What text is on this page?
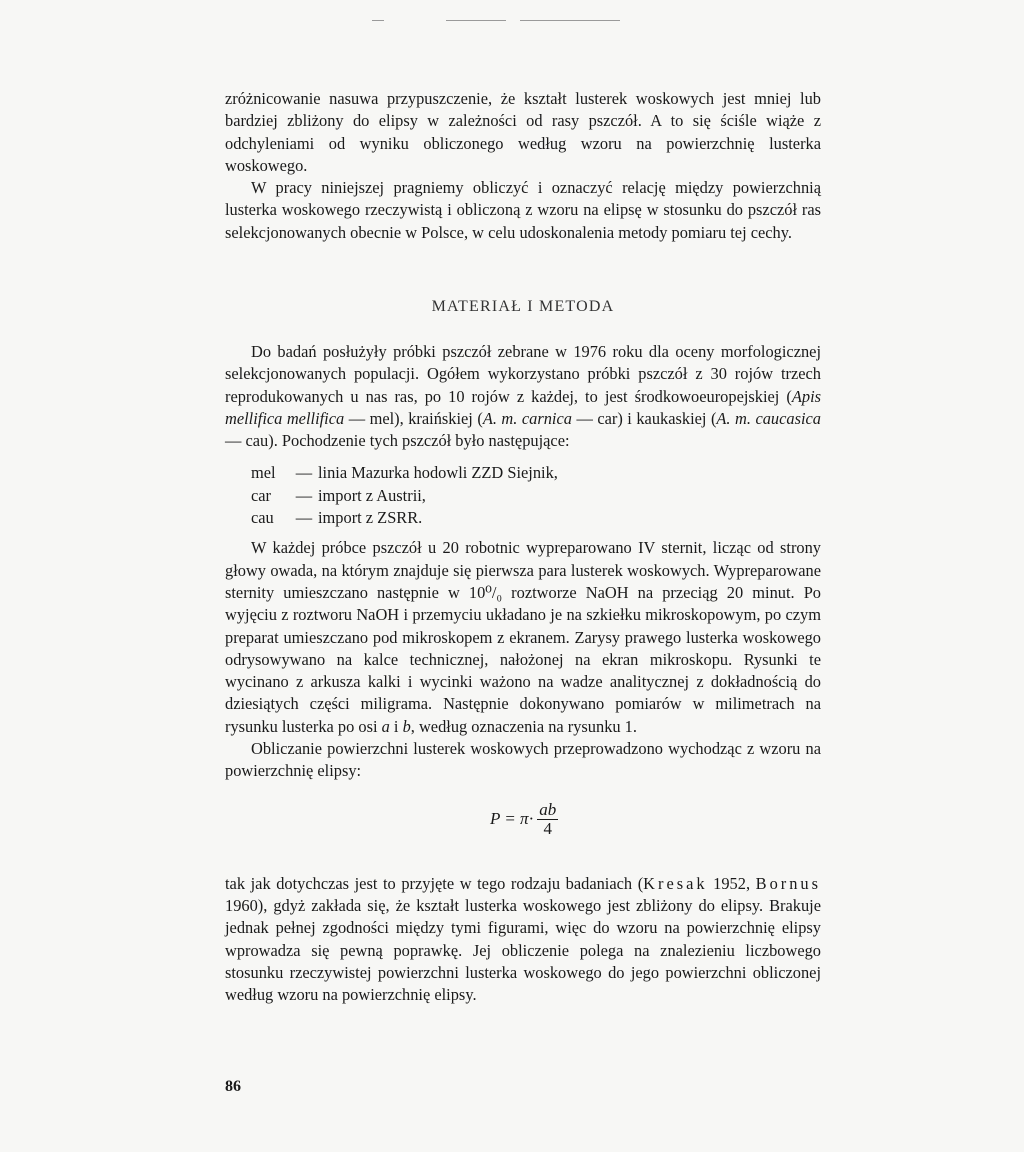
zróżnicowanie nasuwa przypuszczenie, że kształt lusterek woskowych jest mniej lub bardziej zbliżony do elipsy w zależności od rasy pszczół. A to się ściśle wiąże z odchyleniami od wyniku obliczonego według wzoru na powierzchnię lusterka woskowego.

W pracy niniejszej pragniemy obliczyć i oznaczyć relację między powierzchnią lusterka woskowego rzeczywistą i obliczoną z wzoru na elipsę w stosunku do pszczół ras selekcjonowanych obecnie w Polsce, w celu udoskonalenia metody pomiaru tej cechy.

MATERIAŁ I METODA

Do badań posłużyły próbki pszczół zebrane w 1976 roku dla oceny morfologicznej selekcjonowanych populacji. Ogółem wykorzystano próbki pszczół z 30 rojów trzech reprodukowanych u nas ras, po 10 rojów z każdej, to jest środkowoeuropejskiej (Apis mellifica mellifica — mel), kraińskiej (A. m. carnica — car) i kaukaskiej (A. m. caucasica — cau). Pochodzenie tych pszczół było następujące:

mel	— linia Mazurka hodowli ZZD Siejnik,
car	— import z Austrii,
cau	— import z ZSRR.

W każdej próbce pszczół u 20 robotnic wypreparowano IV sternit, licząc od strony głowy owada, na którym znajduje się pierwsza para lusterek woskowych. Wypreparowane sternity umieszczano następnie w 10⁰/₀ roztworze NaOH na przeciąg 20 minut. Po wyjęciu z roztworu NaOH i przemyciu układano je na szkiełku mikroskopowym, po czym preparat umieszczano pod mikroskopem z ekranem. Zarysy prawego lusterka woskowego odrysowywano na kalce technicznej, nałożonej na ekran mikroskopu. Rysunki te wycinano z arkusza kalki i wycinki ważono na wadze analitycznej z dokładnością do dziesiątych części miligrama. Następnie dokonywano pomiarów w milimetrach na rysunku lusterka po osi a i b, według oznaczenia na rysunku 1.

Obliczanie powierzchni lusterek woskowych przeprowadzono wychodząc z wzoru na powierzchnię elipsy:

$P = \pi \cdot \frac{ab}{4}$

tak jak dotychczas jest to przyjęte w tego rodzaju badaniach (Kresak 1952, Bornus 1960), gdyż zakłada się, że kształt lusterka woskowego jest zbliżony do elipsy. Brakuje jednak pełnej zgodności między tymi figurami, więc do wzoru na powierzchnię elipsy wprowadza się pewną poprawkę. Jej obliczenie polega na znalezieniu liczbowego stosunku rzeczywistej powierzchni lusterka woskowego do jego powierzchni obliczonej według wzoru na powierzchnię elipsy.

86
